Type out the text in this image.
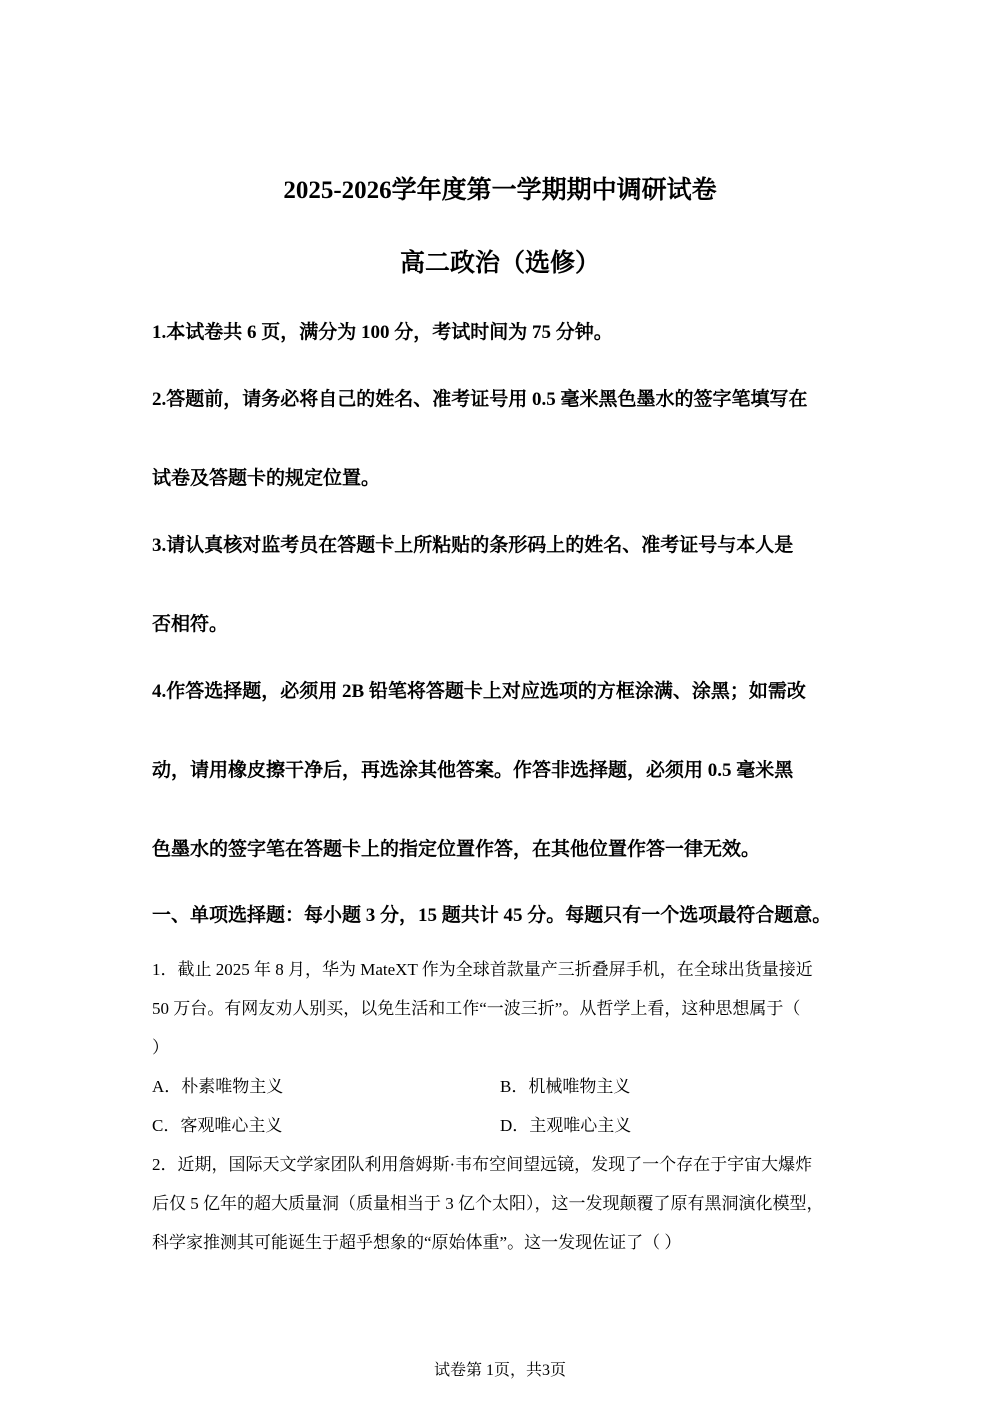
2025-2026学年度第一学期期中调研试卷
高二政治（选修）
1.本试卷共 6 页，满分为 100 分，考试时间为 75 分钟。
2.答题前，请务必将自己的姓名、准考证号用 0.5 毫米黑色墨水的签字笔填写在
试卷及答题卡的规定位置。
3.请认真核对监考员在答题卡上所粘贴的条形码上的姓名、准考证号与本人是
否相符。
4.作答选择题，必须用 2B 铅笔将答题卡上对应选项的方框涂满、涂黑；如需改
动，请用橡皮擦干净后，再选涂其他答案。作答非选择题，必须用 0.5 毫米黑
色墨水的签字笔在答题卡上的指定位置作答，在其他位置作答一律无效。
一、单项选择题：每小题 3 分，15 题共计 45 分。每题只有一个选项最符合题意。
1．截止 2025 年 8 月，华为 MateXT 作为全球首款量产三折叠屏手机，在全球出货量接近
50 万台。有网友劝人别买，以免生活和工作“一波三折”。从哲学上看，这种思想属于（
）
A．朴素唯物主义	B．机械唯物主义
C．客观唯心主义	D．主观唯心主义
2．近期，国际天文学家团队利用詹姆斯·韦布空间望远镜，发现了一个存在于宇宙大爆炸
后仅 5 亿年的超大质量洞（质量相当于 3 亿个太阳），这一发现颠覆了原有黑洞演化模型，
科学家推测其可能诞生于超乎想象的“原始体重”。这一发现佐证了（ ）
试卷第 1页，共3页
